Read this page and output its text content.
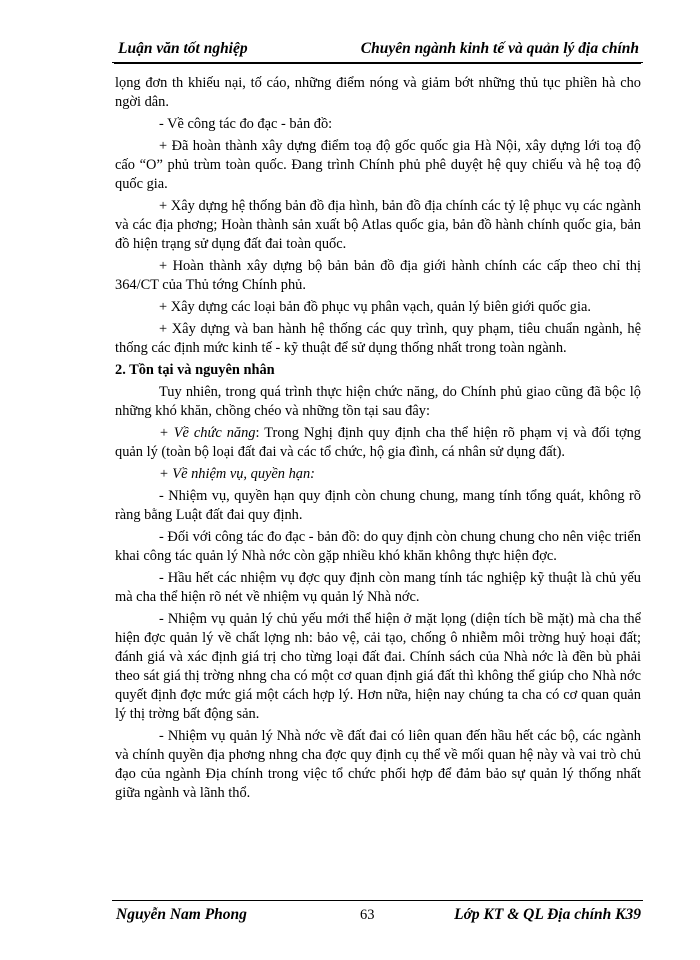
Luận văn tốt nghiệp	Chuyên ngành kinh tế và quản lý địa chính

lọng đơn th khiếu nại, tố cáo, những điểm nóng và giảm bớt những thủ tục phiền hà cho ngời dân.

- Về công tác đo đạc - bản đồ:

+ Đã hoàn thành xây dựng điểm toạ độ gốc quốc gia Hà Nội, xây dựng lới toạ độ cấo “O” phủ trùm toàn quốc. Đang trình Chính phủ phê duyệt hệ quy chiếu và hệ toạ độ quốc gia.

+ Xây dựng hệ thống bản đồ địa hình, bản đồ địa chính các tỷ lệ phục vụ các ngành và các địa phơng; Hoàn thành sản xuất bộ Atlas quốc gia, bản đồ hành chính quốc gia, bản đồ hiện trạng sử dụng đất đai toàn quốc.

+ Hoàn thành xây dựng bộ bản bản đồ địa giới hành chính các cấp theo chỉ thị 364/CT của Thủ tớng Chính phủ.

+ Xây dựng các loại bản đồ phục vụ phân vạch, quản lý biên giới quốc gia.

+ Xây dựng và ban hành hệ thống các quy trình, quy phạm, tiêu chuẩn ngành, hệ thống các định mức kinh tế - kỹ thuật để sử dụng thống nhất trong toàn ngành.

2. Tồn tại và nguyên nhân

Tuy nhiên, trong quá trình thực hiện chức năng, do Chính phủ giao cũng đã bộc lộ những khó khăn, chồng chéo và những tồn tại sau đây:

+ Về chức năng: Trong Nghị định quy định cha thể hiện rõ phạm vị và đối tợng quản lý (toàn bộ loại đất đai và các tổ chức, hộ gia đình, cá nhân sử dụng đất).

+ Về nhiệm vụ, quyền hạn:

- Nhiệm vụ, quyền hạn quy định còn chung chung, mang tính tổng quát, không rõ ràng bằng Luật đất đai quy định.

- Đối với công tác đo đạc - bản đồ: do quy định còn chung chung cho nên việc triển khai công tác quản lý Nhà nớc còn gặp nhiều khó khăn không thực hiện đợc.

- Hầu hết các nhiệm vụ đợc quy định còn mang tính tác nghiệp kỹ thuật là chủ yếu mà cha thể hiện rõ nét về nhiệm vụ quản lý Nhà nớc.

- Nhiệm vụ quản lý chủ yếu mới thể hiện ở mặt lọng (diện tích bề mặt) mà cha thể hiện đợc quản lý về chất lợng nh: bảo vệ, cải tạo, chống ô nhiễm môi trờng huỷ hoại đất; đánh giá và xác định giá trị cho từng loại đất đai. Chính sách của Nhà nớc là đền bù phải theo sát giá thị trờng nhng cha có một cơ quan định giá đất thì không thể giúp cho Nhà nớc quyết định đợc mức giá một cách hợp lý. Hơn nữa, hiện nay chúng ta cha có cơ quan quản lý thị trờng bất động sản.

- Nhiệm vụ quản lý Nhà nớc về đất đai có liên quan đến hầu hết các bộ, các ngành và chính quyền địa phơng nhng cha đợc quy định cụ thể về mối quan hệ này và vai trò chủ đạo của ngành Địa chính trong việc tổ chức phối hợp để đảm bảo sự quản lý thống nhất giữa ngành và lãnh thổ.

Nguyễn Nam Phong	63	Lớp KT & QL Địa chính K39
